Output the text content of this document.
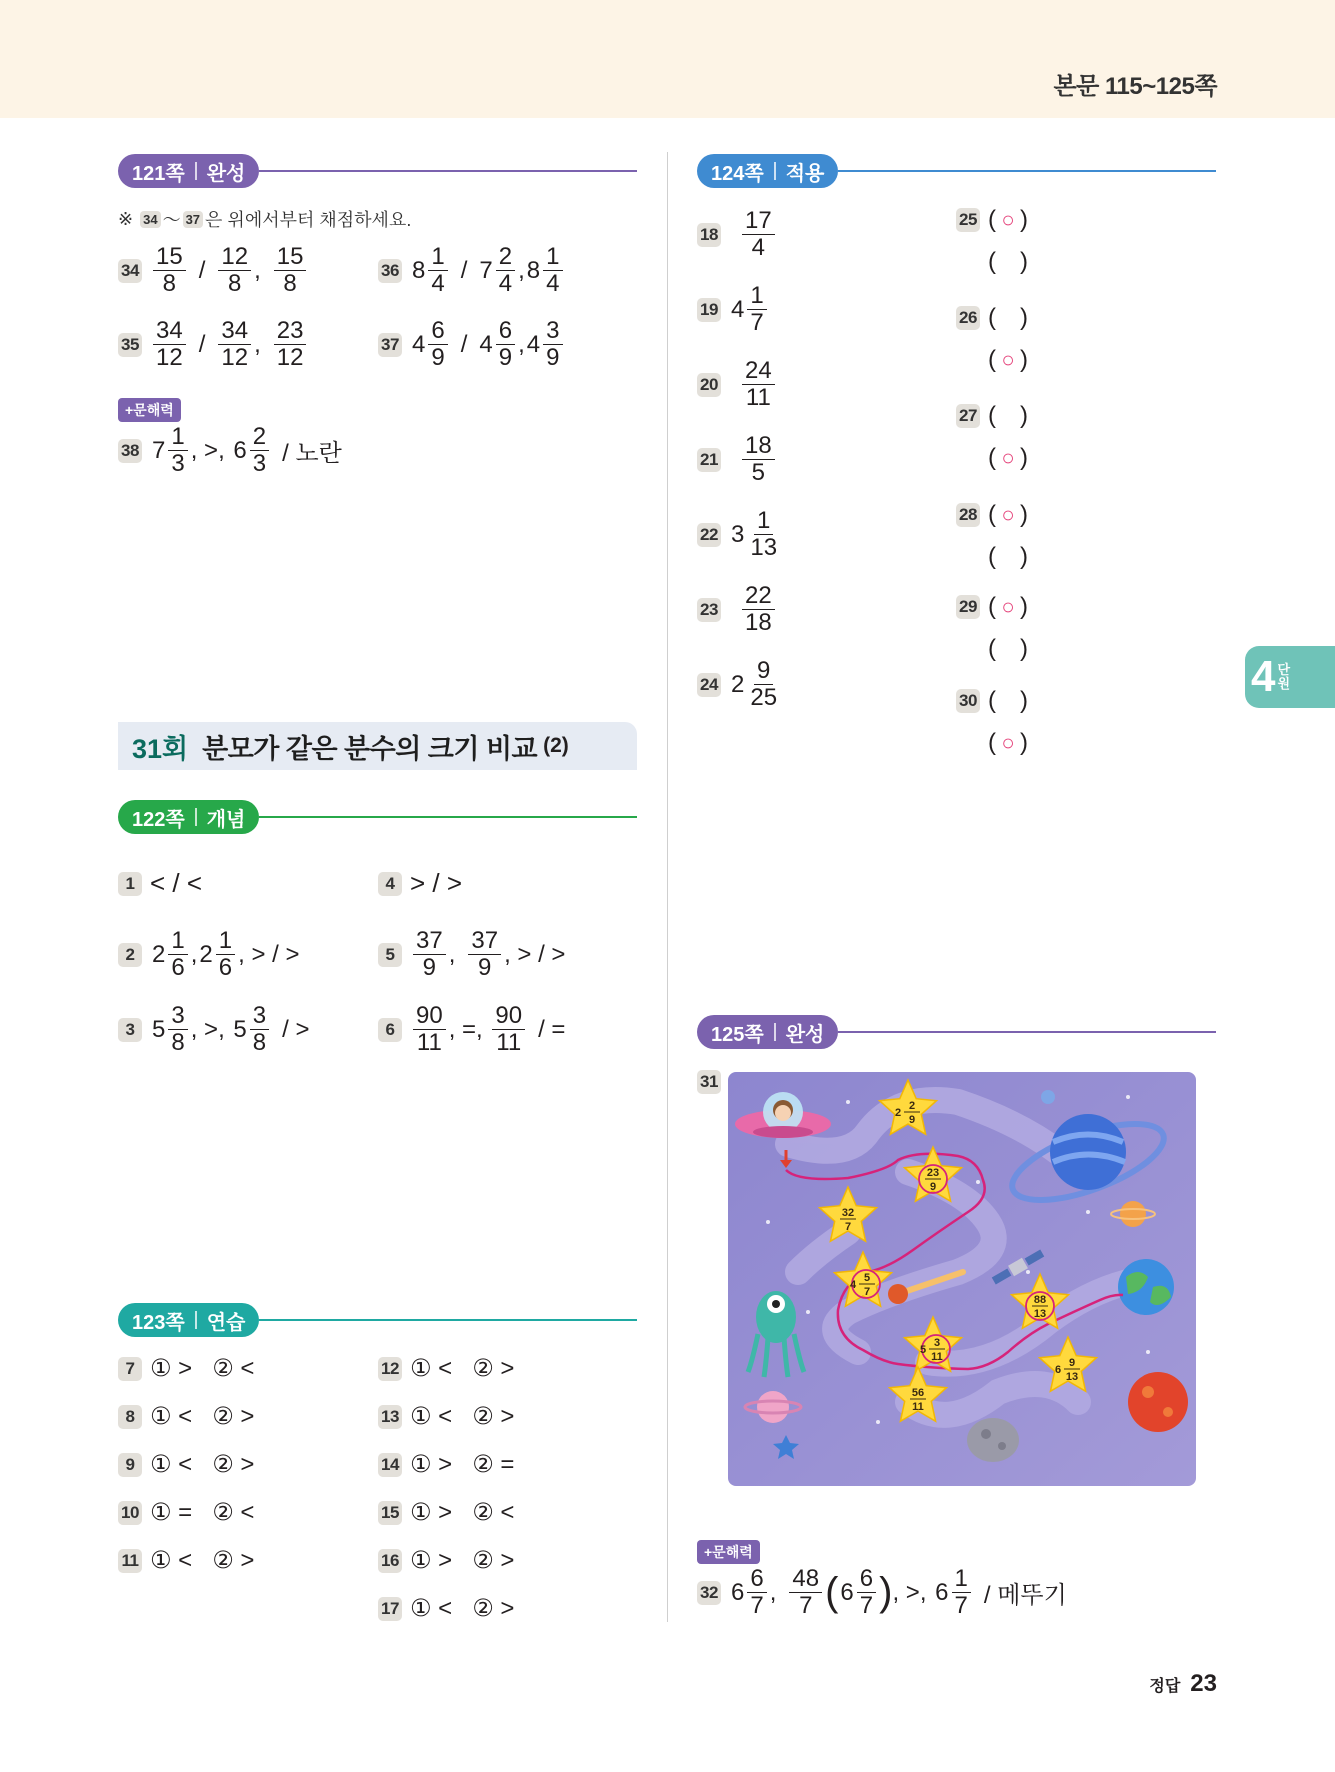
본문 115~125쪽
4 단
원
121쪽 완성
※
34 ～ 37 은 위에서부터 채점하세요.
$34 \frac{15}{8} / \frac{12}{8}$ , $\frac{15}{8}$
$35 \frac{34}{12} / \frac{34}{12}$ , $\frac{23}{12}$
36 $8 \frac{1}{4} / 7 \frac{2}{4}$ , $8 \frac{1}{4}$
37 $4 \frac{6}{9} / 4 \frac{6}{9}$ , $4 \frac{3}{9}$
+문해력
38 $7 \frac{1}{3}$ , >, $6 \frac{2}{3}$ / 노란
31회 분모가 같은 분수의 크기 비교 (2)
122쪽 개념
1 < / <	4 > / >
2 $2 \frac{1}{6}$ , $2 \frac{1}{6}$ , > / >	$5 \frac{37}{9}$ , $\frac{37}{9}$ , > / >
3 $5 \frac{3}{8}$ , >, $5 \frac{3}{8}$ / >	$6 \frac{90}{11}$ , =, $\frac{90}{11}$ / =
123쪽 연습
7 ① >   ② <
8 ① <   ② >
9 ① <   ② >
10 ① =   ② <
11 ① <   ② >
12 ① <   ② >
13 ① <   ② >
14 ① >   ② =
15 ① >   ② <
16 ① >   ② >
17 ① <   ② >
124쪽 적용
$18 \frac{17}{4}$
19 $4 \frac{1}{7}$
$20 \frac{24}{11}$
$21 \frac{18}{5}$
22 $3 \frac{1}{13}$
$23 \frac{22}{18}$
24 $2 \frac{9}{25}$
25 ( ○ )
( )
26 ( )
( ○ )
27 ( )
( ○ )
28 ( ○ )
( )
29 ( ○ )
( )
30 ( )
( ○ )
125쪽 완성
31
2
2
9
23
9
32
7
4
5
7
88
13
5
3
11
6
9
13
56
11
+문해력
32 $6 \frac{6}{7}$ , $\frac{48}{7}$ ( $6 \frac{6}{7}$ ) , >, $6 \frac{1}{7}$ / 메뚜기
정답 23
